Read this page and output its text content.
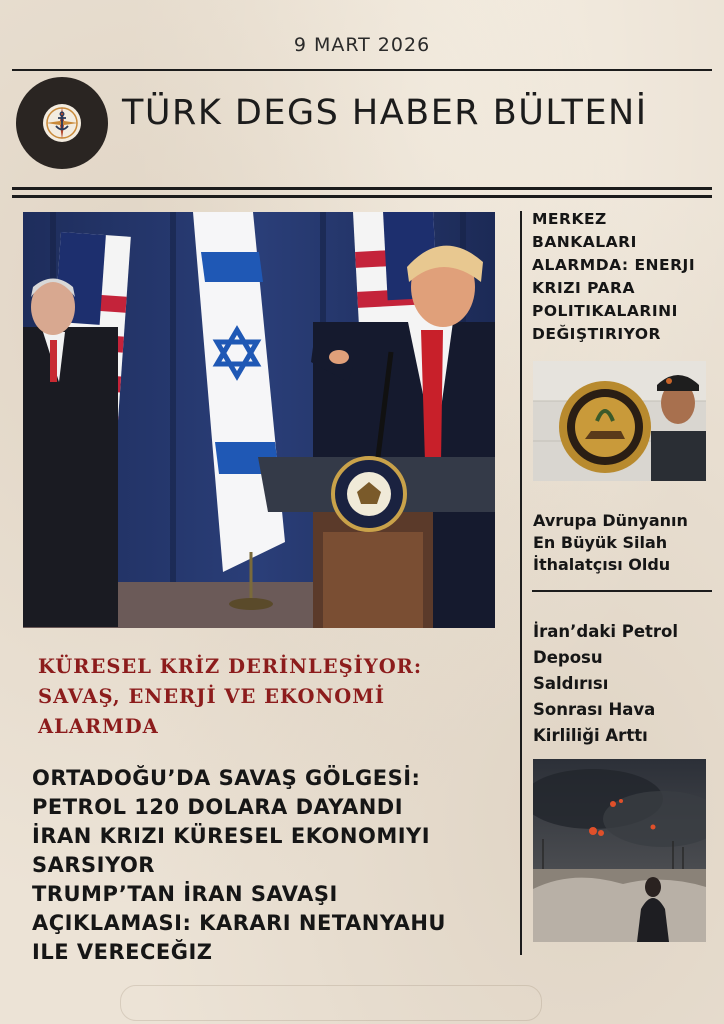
9 MART 2026
TÜRK DEGS HABER BÜLTENİ
KÜRESEL KRİZ DERİNLEŞİYOR:
SAVAŞ, ENERJİ VE EKONOMİ
ALARMDA
ORTADOĞU’DA SAVAŞ GÖLGESİ:
PETROL 120 DOLARA DAYANDI
İRAN KRIZI KÜRESEL EKONOMIYI
SARSIYOR
TRUMP’TAN İRAN SAVAŞI
AÇIKLAMASI: KARARI NETANYAHU
ILE VERECEĞIZ
MERKEZ
BANKALARI
ALARMDA: ENERJI
KRIZI PARA
POLITIKALARINI
DEĞIŞTIRIYOR
Avrupa Dünyanın
En Büyük Silah
İthalatçısı Oldu
İran’daki Petrol
Deposu
Saldırısı
Sonrası Hava
Kirliliği Arttı
